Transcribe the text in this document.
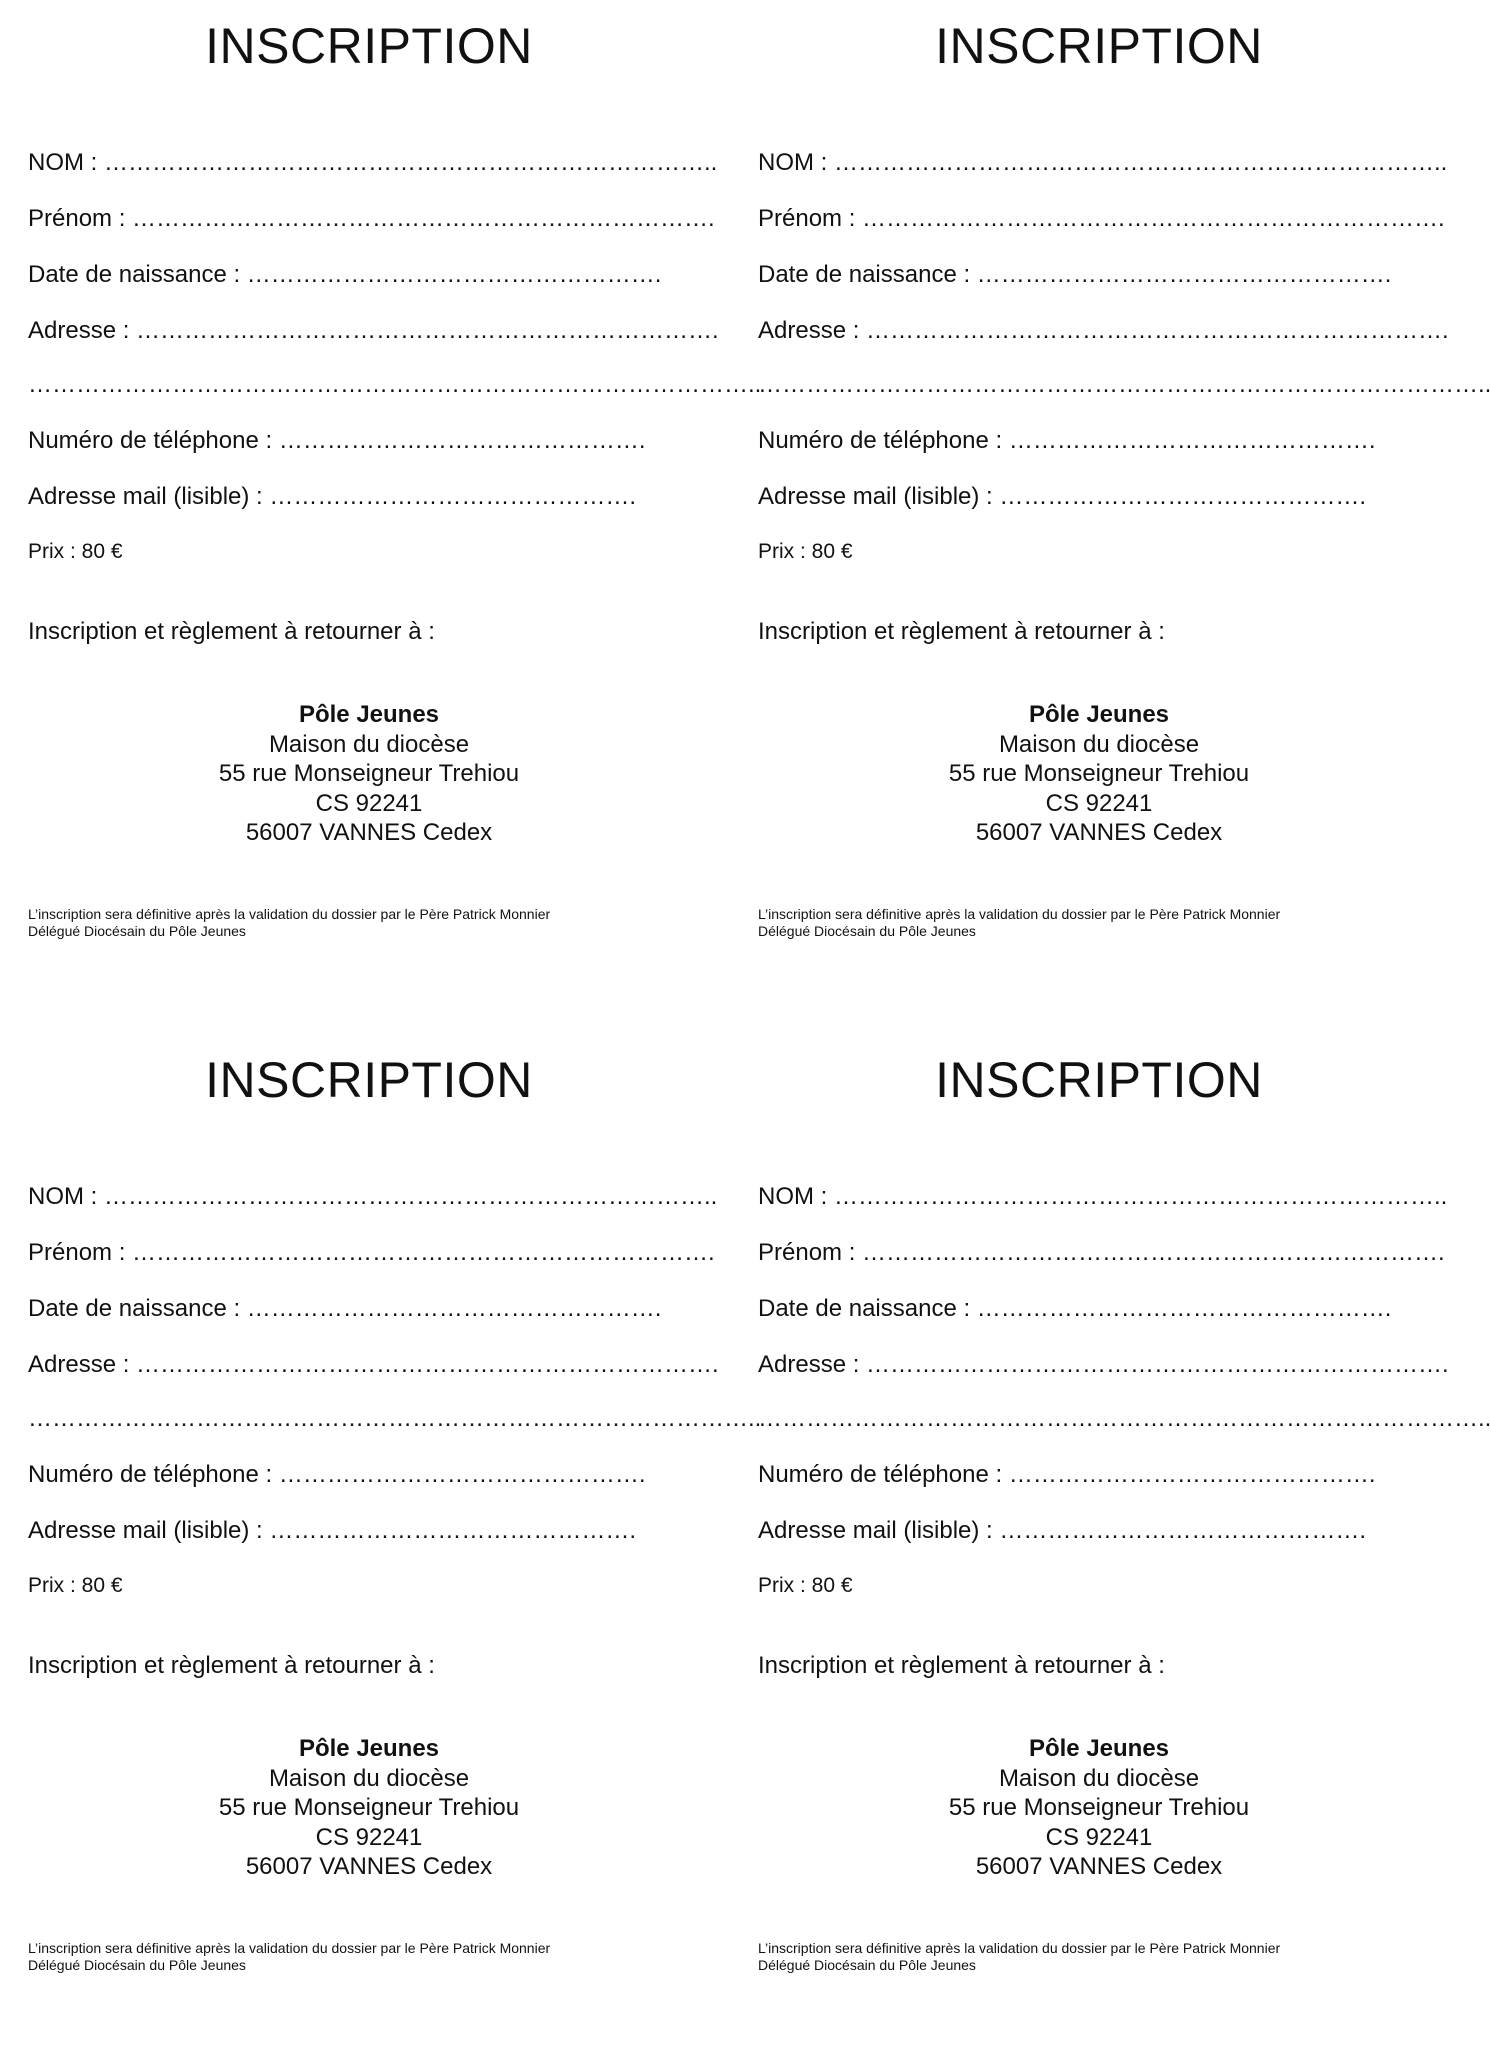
INSCRIPTION
NOM : …………………………………………………………………..
Prénom : ……………………………………………………………….
Date de naissance : …………………………………………….
Adresse : ……………………………………………………………….
………………………………………………………………………………..
Numéro de téléphone : ……………………………………….
Adresse mail (lisible) : ……………………………………….
Prix : 80 €
Inscription et règlement à retourner à :
Pôle Jeunes
Maison du diocèse
55 rue Monseigneur Trehiou
CS 92241
56007 VANNES Cedex
L’inscription sera définitive après la validation du dossier par le Père Patrick Monnier
Délégué Diocésain du Pôle Jeunes
INSCRIPTION
NOM : …………………………………………………………………..
Prénom : ……………………………………………………………….
Date de naissance : …………………………………………….
Adresse : ……………………………………………………………….
………………………………………………………………………………..
Numéro de téléphone : ……………………………………….
Adresse mail (lisible) : ……………………………………….
Prix : 80 €
Inscription et règlement à retourner à :
Pôle Jeunes
Maison du diocèse
55 rue Monseigneur Trehiou
CS 92241
56007 VANNES Cedex
L’inscription sera définitive après la validation du dossier par le Père Patrick Monnier
Délégué Diocésain du Pôle Jeunes
INSCRIPTION
NOM : …………………………………………………………………..
Prénom : ……………………………………………………………….
Date de naissance : …………………………………………….
Adresse : ……………………………………………………………….
………………………………………………………………………………..
Numéro de téléphone : ……………………………………….
Adresse mail (lisible) : ……………………………………….
Prix : 80 €
Inscription et règlement à retourner à :
Pôle Jeunes
Maison du diocèse
55 rue Monseigneur Trehiou
CS 92241
56007 VANNES Cedex
L’inscription sera définitive après la validation du dossier par le Père Patrick Monnier
Délégué Diocésain du Pôle Jeunes
INSCRIPTION
NOM : …………………………………………………………………..
Prénom : ……………………………………………………………….
Date de naissance : …………………………………………….
Adresse : ……………………………………………………………….
………………………………………………………………………………..
Numéro de téléphone : ……………………………………….
Adresse mail (lisible) : ……………………………………….
Prix : 80 €
Inscription et règlement à retourner à :
Pôle Jeunes
Maison du diocèse
55 rue Monseigneur Trehiou
CS 92241
56007 VANNES Cedex
L’inscription sera définitive après la validation du dossier par le Père Patrick Monnier
Délégué Diocésain du Pôle Jeunes
